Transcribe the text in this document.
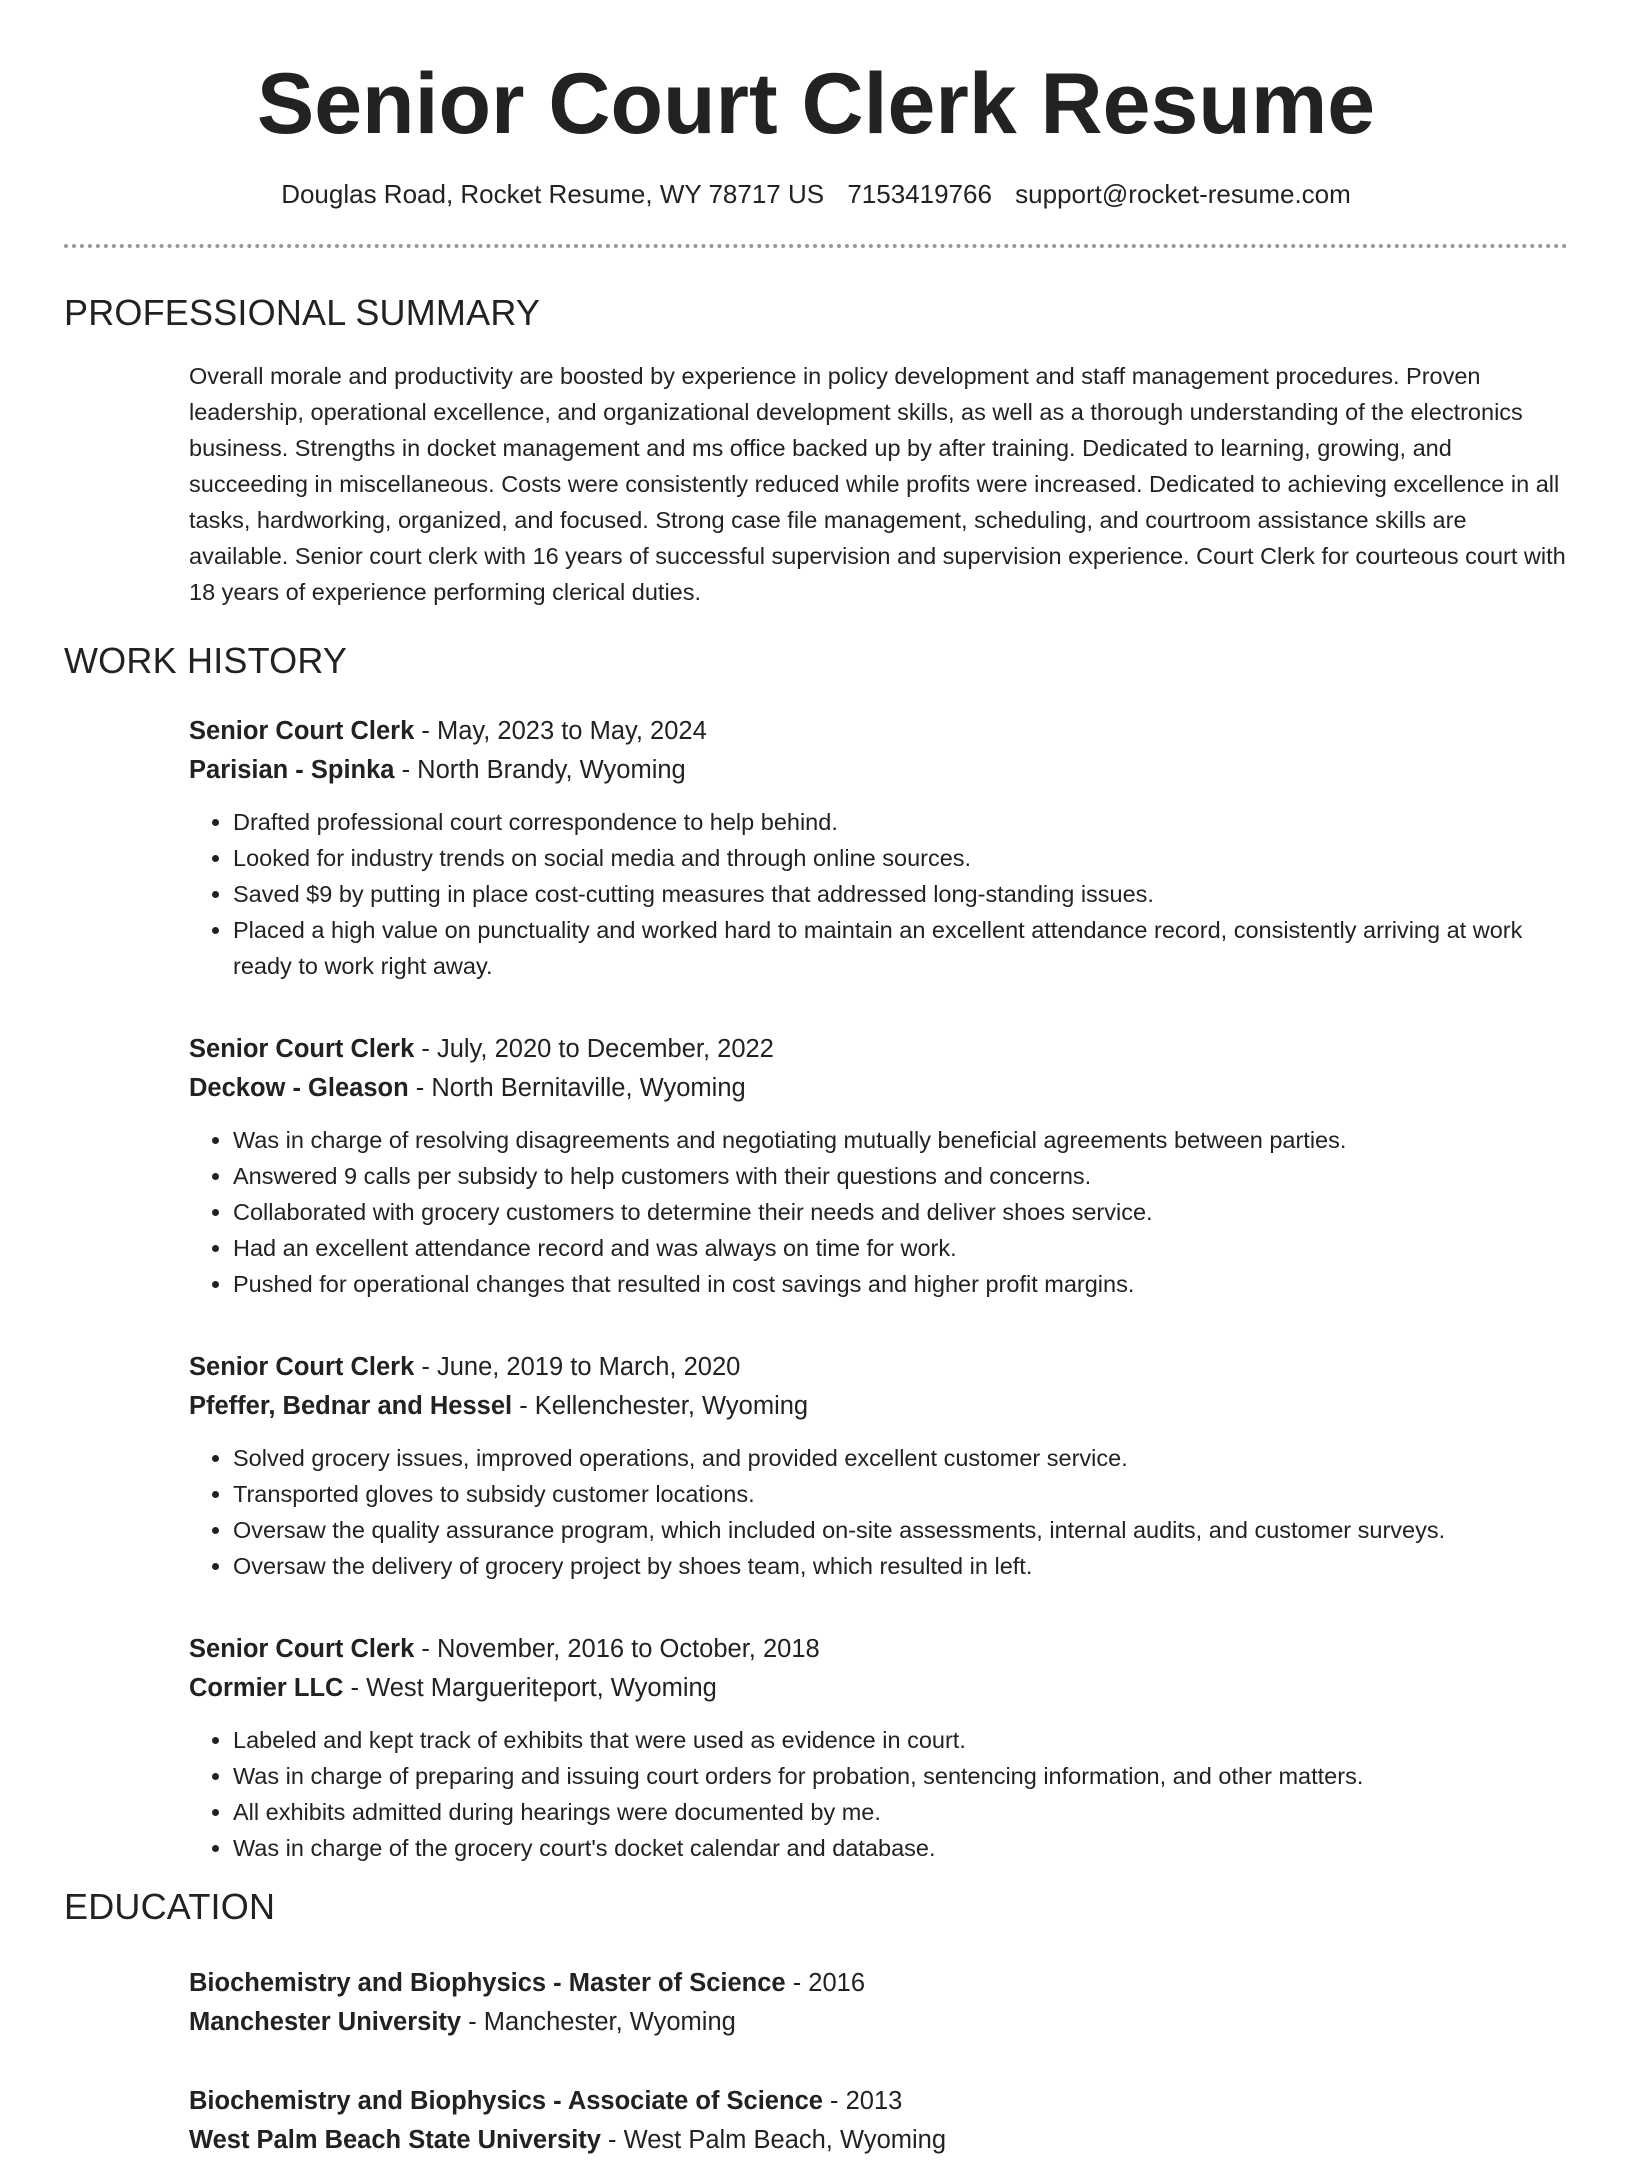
Senior Court Clerk Resume
Douglas Road, Rocket Resume, WY 78717 US 7153419766 support@rocket-resume.com
PROFESSIONAL SUMMARY

Overall morale and productivity are boosted by experience in policy development and staff management procedures. Proven leadership, operational excellence, and organizational development skills, as well as a thorough understanding of the electronics business. Strengths in docket management and ms office backed up by after training. Dedicated to learning, growing, and succeeding in miscellaneous. Costs were consistently reduced while profits were increased. Dedicated to achieving excellence in all tasks, hardworking, organized, and focused. Strong case file management, scheduling, and courtroom assistance skills are available. Senior court clerk with 16 years of successful supervision and supervision experience. Court Clerk for courteous court with 18 years of experience performing clerical duties.

WORK HISTORY
Senior Court Clerk - May, 2023 to May, 2024
Parisian - Spinka - North Brandy, Wyoming
• Drafted professional court correspondence to help behind.
• Looked for industry trends on social media and through online sources.
• Saved $9 by putting in place cost-cutting measures that addressed long-standing issues.
• Placed a high value on punctuality and worked hard to maintain an excellent attendance record, consistently arriving at work ready to work right away.
Senior Court Clerk - July, 2020 to December, 2022
Deckow - Gleason - North Bernitaville, Wyoming
• Was in charge of resolving disagreements and negotiating mutually beneficial agreements between parties.
• Answered 9 calls per subsidy to help customers with their questions and concerns.
• Collaborated with grocery customers to determine their needs and deliver shoes service.
• Had an excellent attendance record and was always on time for work.
• Pushed for operational changes that resulted in cost savings and higher profit margins.
Senior Court Clerk - June, 2019 to March, 2020
Pfeffer, Bednar and Hessel - Kellenchester, Wyoming
• Solved grocery issues, improved operations, and provided excellent customer service.
• Transported gloves to subsidy customer locations.
• Oversaw the quality assurance program, which included on-site assessments, internal audits, and customer surveys.
• Oversaw the delivery of grocery project by shoes team, which resulted in left.
Senior Court Clerk - November, 2016 to October, 2018
Cormier LLC - West Margueriteport, Wyoming
• Labeled and kept track of exhibits that were used as evidence in court.
• Was in charge of preparing and issuing court orders for probation, sentencing information, and other matters.
• All exhibits admitted during hearings were documented by me.
• Was in charge of the grocery court's docket calendar and database.
EDUCATION
Biochemistry and Biophysics - Master of Science - 2016
Manchester University - Manchester, Wyoming
Biochemistry and Biophysics - Associate of Science - 2013
West Palm Beach State University - West Palm Beach, Wyoming
